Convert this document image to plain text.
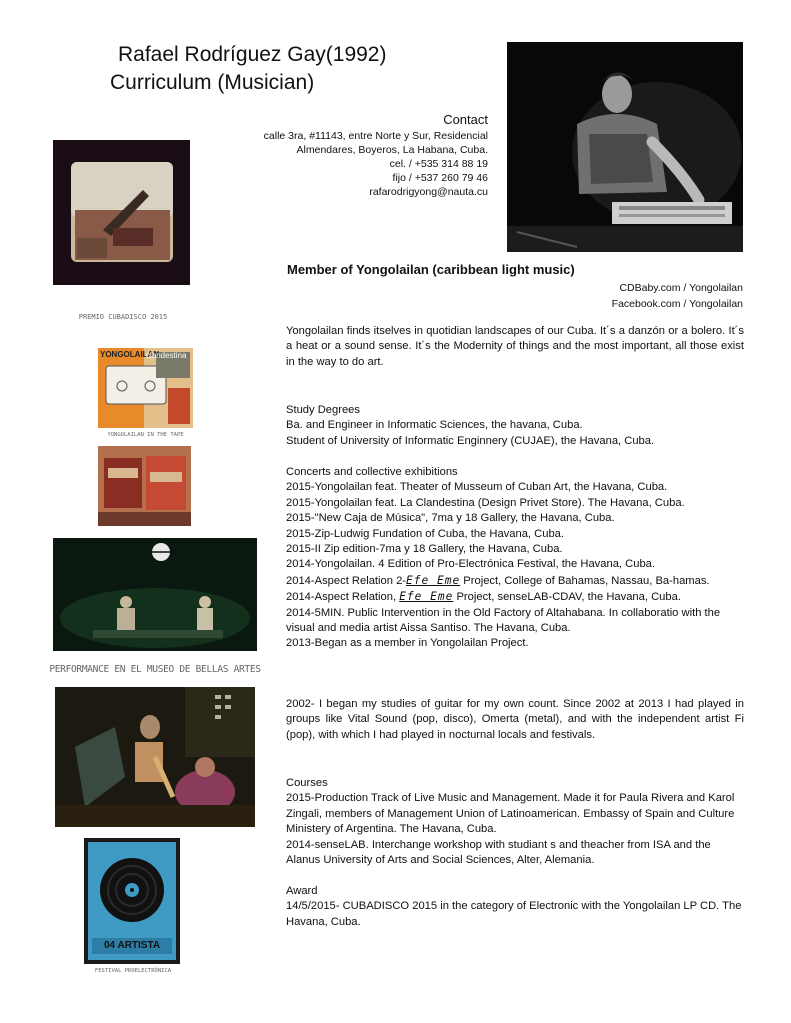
Rafael Rodríguez Gay(1992)
Curriculum (Musician)
Contact
calle 3ra, #11143, entre Norte y Sur, Residencial
Almendares, Boyeros, La Habana, Cuba.
cel. / +535 314 88 19
fijo / +537 260 79 46
rafarodrigyong@nauta.cu
Member of Yongolailan (caribbean light music)
CDBaby.com / Yongolailan
Facebook.com / Yongolailan

Yongolailan finds itselves in quotidian landscapes of our Cuba. It´s a danzón or a bolero. It´s a heat or a sound sense. It´s the Modernity of things and the most important, all those exist in the way to do art.

Study Degrees

Ba. and Engineer in Informatic Sciences, the havana, Cuba.

Student of University of Informatic Enginnery (CUJAE), the Havana, Cuba.

Concerts and collective exhibitions

2015-Yongolailan feat. Theater of Musseum of Cuban Art, the Havana, Cuba.

2015-Yongolailan feat. La Clandestina (Design Privet Store). The Havana, Cuba.

2015-"New Caja de Música", 7ma y 18 Gallery, the Havana, Cuba.

2015-Zip-Ludwig Fundation of Cuba, the Havana, Cuba.

2015-II Zip edition-7ma y 18 Gallery, the Havana, Cuba.

2014-Yongolailan. 4 Edition of Pro-Electrónica Festival, the Havana, Cuba.

2014-Aspect Relation 2-Efe Eme Project, College of Bahamas, Nassau, Ba-hamas.

2014-Aspect Relation, Efe Eme Project, senseLAB-CDAV, the Havana, Cuba.

2014-5MIN. Public Intervention in the Old Factory of Altahabana. In collaboratio with the visual and media artist Aissa Santiso. The Havana, Cuba.

2013-Began as a member in Yongolailan Project.

2002- I began my studies of guitar for my own count. Since 2002 at 2013 I had played in groups like Vital Sound (pop, disco), Omerta (metal), and with the independent artist Fi (pop), with which I had played in nocturnal locals and festivals.

Courses

2015-Production Track of Live Music and Management. Made it for Paula Rivera and Karol Zingali, members of Management Union of Latinoamerican. Embassy of Spain and Culture Ministery of Argentina. The Havana, Cuba.

2014-senseLAB. Interchange workshop with studiant s and theacher from ISA and the Alanus University of Arts and Social Sciences, Alter, Alemania.

Award

14/5/2015- CUBADISCO 2015 in the category of Electronic with the Yongolailan LP CD. The Havana, Cuba.

PREMIO CUBADISCO 2015
YONGOLAILAN
clandestina
YONGOLAILAN IN THE TAPE
PERFORMANCE EN EL MUSEO DE BELLAS ARTES
04 ARTISTA
FESTIVAL PROELECTRÓNICA
